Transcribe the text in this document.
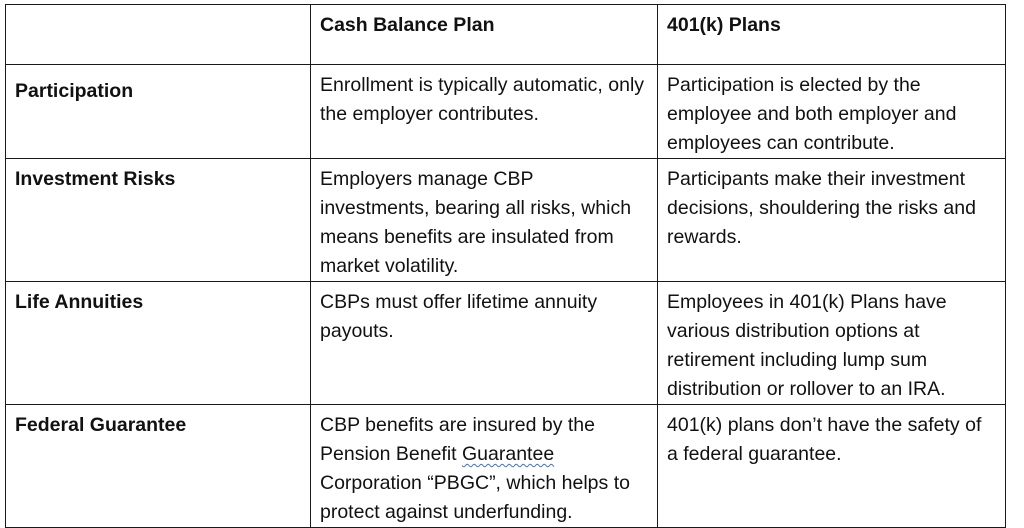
	Cash Balance Plan	401(k) Plans
Participation	Enrollment is typically automatic, only the employer contributes.	Participation is elected by the employee and both employer and employees can contribute.
Investment Risks	Employers manage CBP investments, bearing all risks, which means benefits are insulated from market volatility.	Participants make their investment decisions, shouldering the risks and rewards.
Life Annuities	CBPs must offer lifetime annuity payouts.	Employees in 401(k) Plans have various distribution options at retirement including lump sum distribution or rollover to an IRA.
Federal Guarantee	CBP benefits are insured by the Pension Benefit Guarantee Corporation “PBGC”, which helps to protect against underfunding.	401(k) plans don’t have the safety of a federal guarantee.
